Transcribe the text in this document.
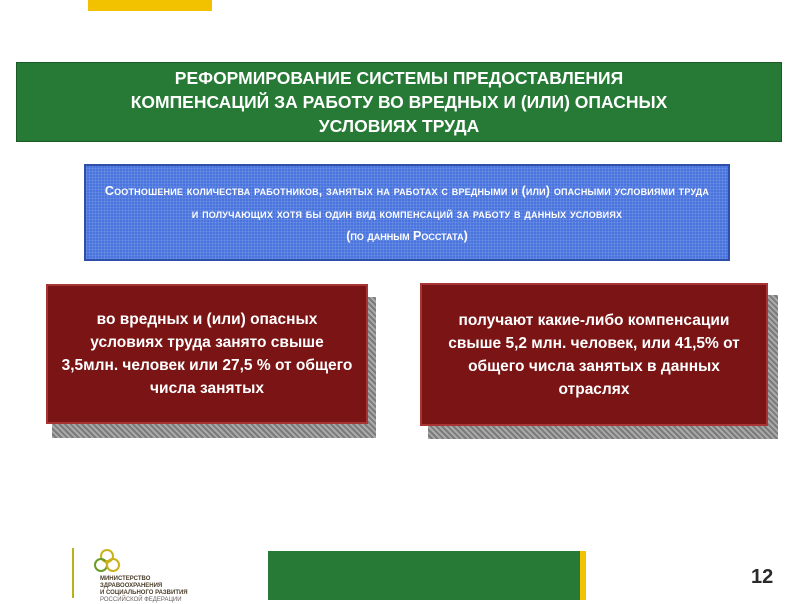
РЕФОРМИРОВАНИЕ СИСТЕМЫ ПРЕДОСТАВЛЕНИЯ
КОМПЕНСАЦИЙ ЗА РАБОТУ ВО ВРЕДНЫХ И (ИЛИ) ОПАСНЫХ
УСЛОВИЯХ ТРУДА
Соотношение количества работников, занятых на работах с вредными и (или) опасными условиями труда и получающих хотя бы один вид компенсаций за работу в данных условиях
(по данным Росстата)
во вредных и (или) опасных условиях труда занято свыше 3,5млн. человек или 27,5 % от общего числа занятых
получают какие-либо компенсации свыше 5,2 млн. человек, или 41,5% от общего числа занятых в данных отраслях
МИНИСТЕРСТВО
ЗДРАВООХРАНЕНИЯ
И СОЦИАЛЬНОГО РАЗВИТИЯ
РОССИЙСКОЙ ФЕДЕРАЦИИ
12
